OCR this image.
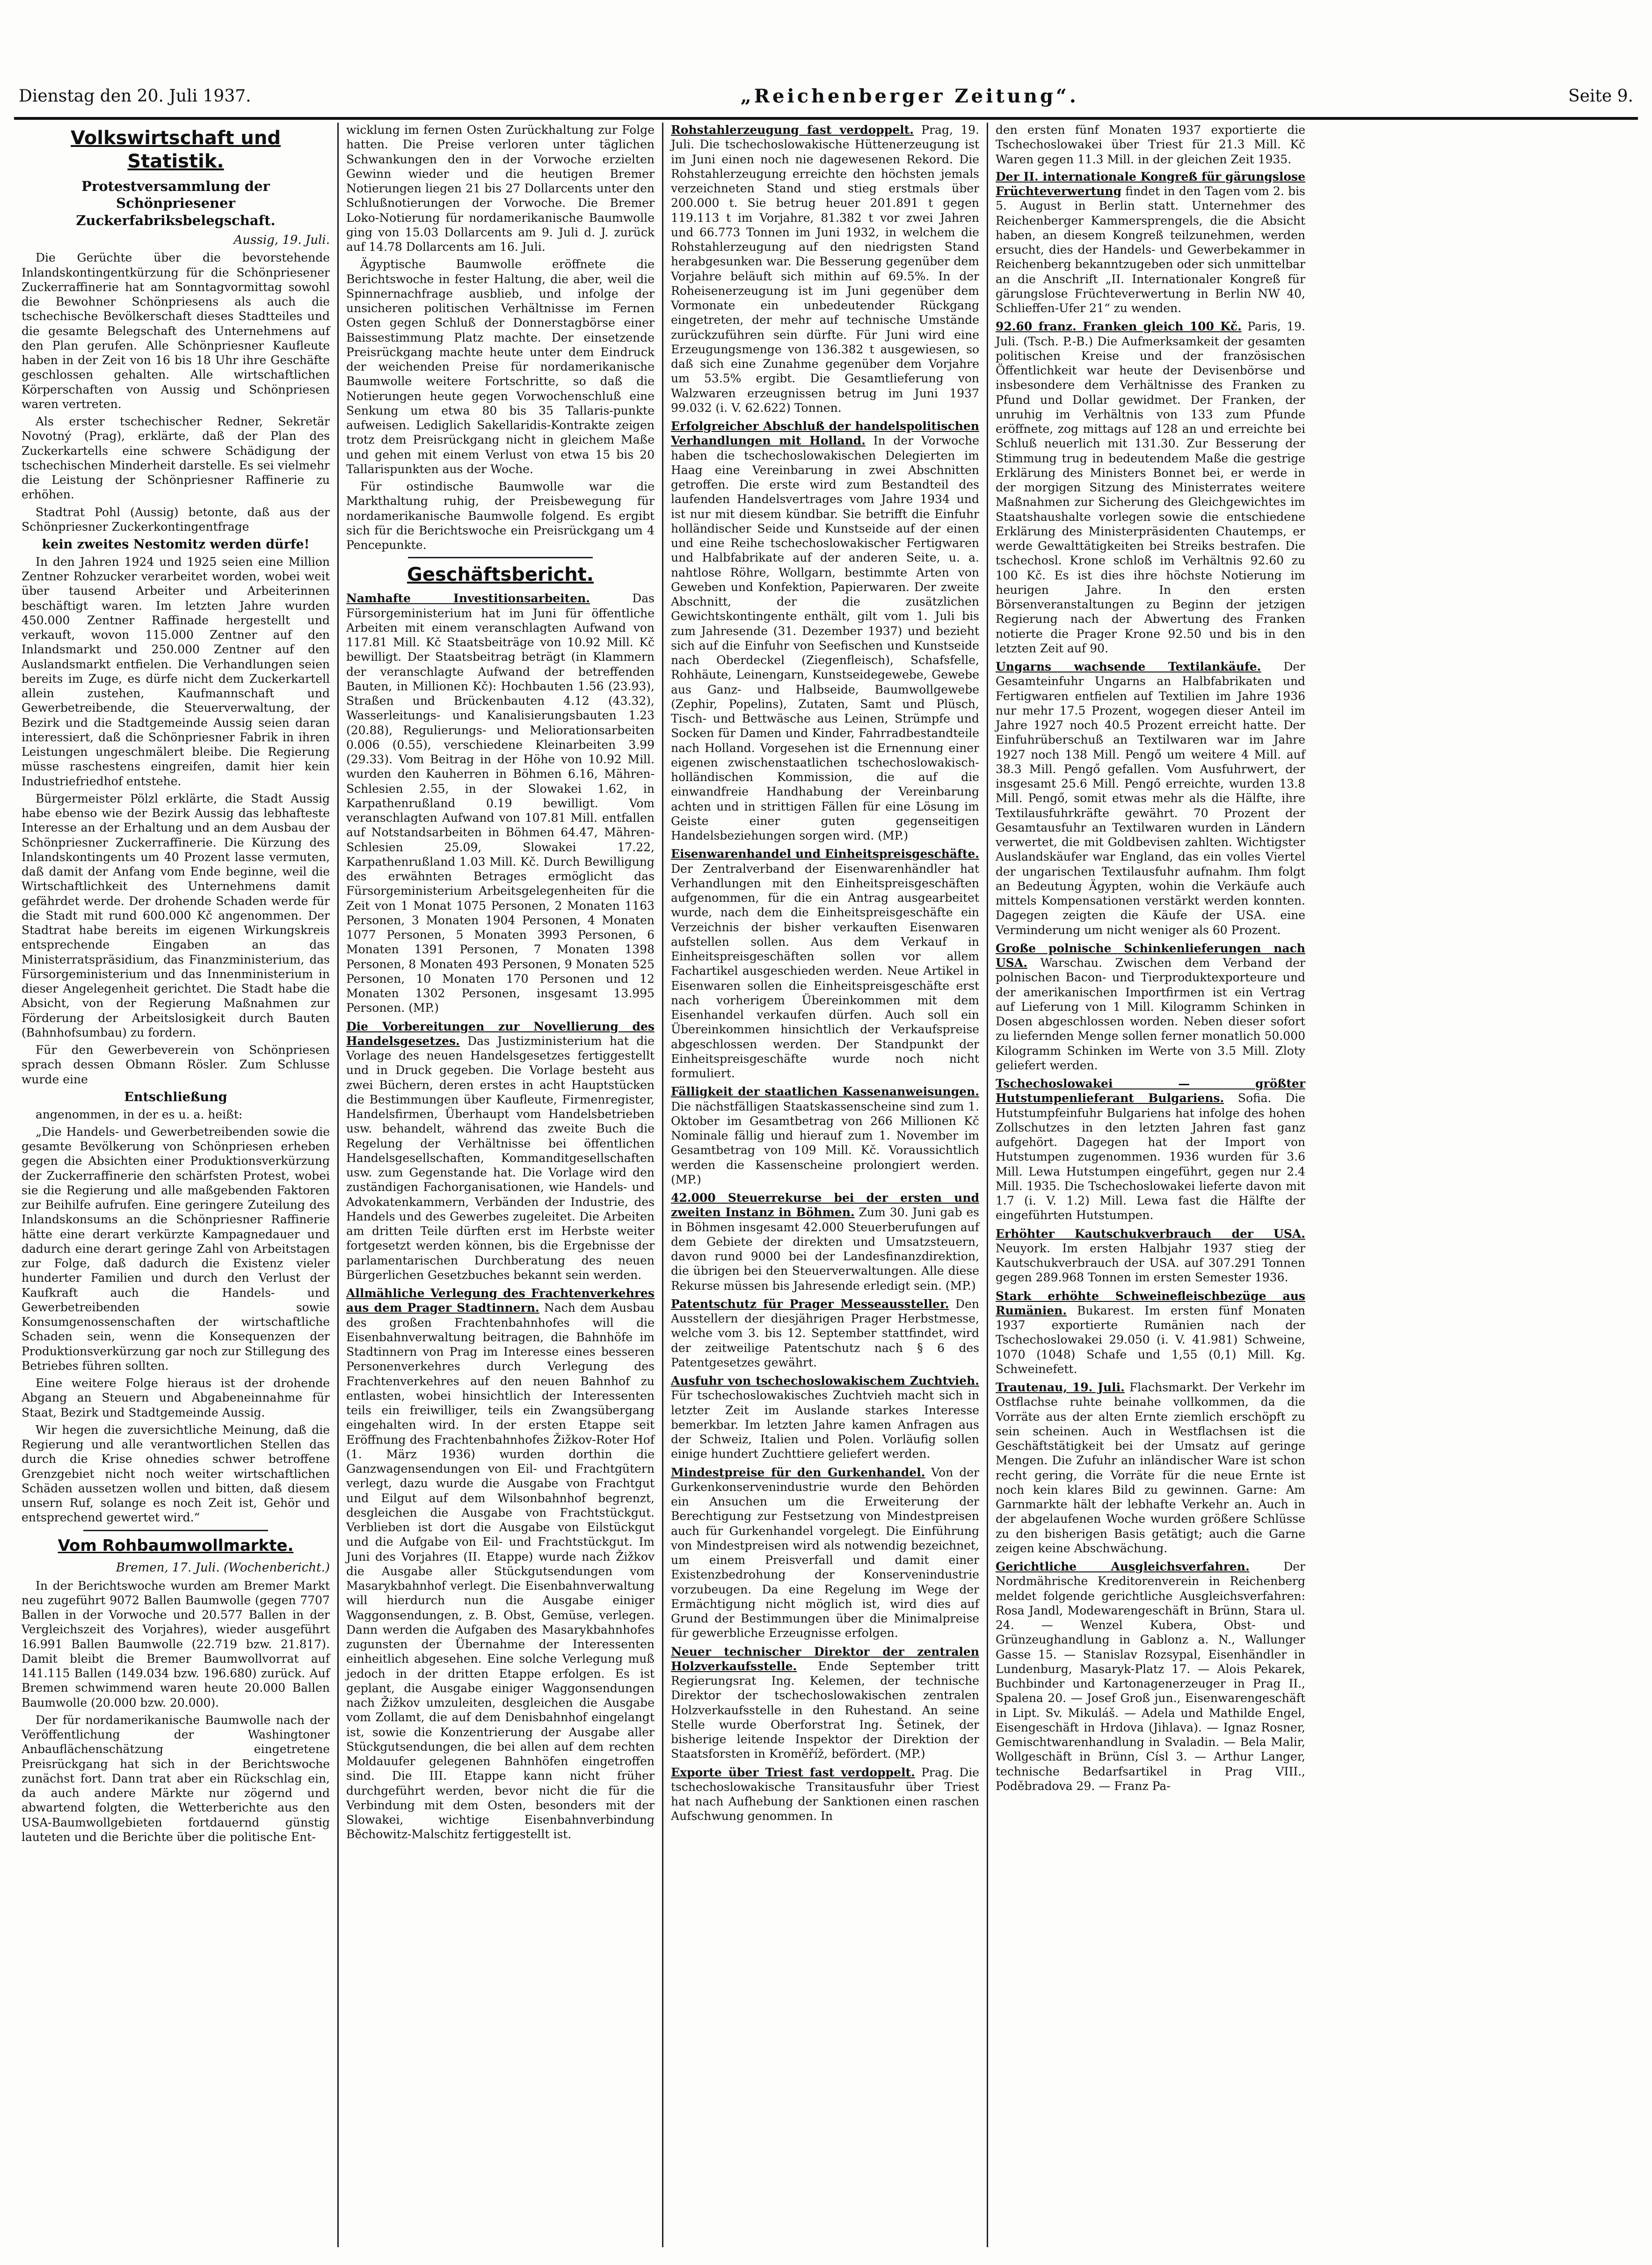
Dienstag den 20. Juli 1937.	„Reichenberger Zeitung“.	Seite 9.
Volkswirtschaft und Statistik.
Protestversammlung der Schönpriesener Zuckerfabriksbelegschaft.
Aussig, 19. Juli.

Die Gerüchte über die bevorstehende Inlandskontingentkürzung für die Schönpriesener Zuckerraffinerie hat am Sonntagvormittag sowohl die Bewohner Schönpriesens als auch die tschechische Bevölkerschaft dieses Stadtteiles und die gesamte Belegschaft des Unternehmens auf den Plan gerufen. Alle Schönpriesner Kaufleute haben in der Zeit von 16 bis 18 Uhr ihre Geschäfte geschlossen gehalten. Alle wirtschaftlichen Körperschaften von Aussig und Schönpriesen waren vertreten.

Als erster tschechischer Redner, Sekretär Novotný (Prag), erklärte, daß der Plan des Zuckerkartells eine schwere Schädigung der tschechischen Minderheit darstelle. Es sei vielmehr die Leistung der Schönpriesner Raffinerie zu erhöhen.

Stadtrat Pohl (Aussig) betonte, daß aus der Schönpriesner Zuckerkontingentfrage

kein zweites Nestomitz werden dürfe!

In den Jahren 1924 und 1925 seien eine Million Zentner Rohzucker verarbeitet worden, wobei weit über tausend Arbeiter und Arbeiterinnen beschäftigt waren. Im letzten Jahre wurden 450.000 Zentner Raffinade hergestellt und verkauft, wovon 115.000 Zentner auf den Inlandsmarkt und 250.000 Zentner auf den Auslandsmarkt entfielen. Die Verhandlungen seien bereits im Zuge, es dürfe nicht dem Zuckerkartell allein zustehen, Kaufmannschaft und Gewerbetreibende, die Steuerverwaltung, der Bezirk und die Stadtgemeinde Aussig seien daran interessiert, daß die Schönpriesner Fabrik in ihren Leistungen ungeschmälert bleibe. Die Regierung müsse raschestens eingreifen, damit hier kein Industriefriedhof entstehe.

Bürgermeister Pölzl erklärte, die Stadt Aussig habe ebenso wie der Bezirk Aussig das lebhafteste Interesse an der Erhaltung und an dem Ausbau der Schönpriesner Zuckerraffinerie. Die Kürzung des Inlandskontingents um 40 Prozent lasse vermuten, daß damit der Anfang vom Ende beginne, weil die Wirtschaftlichkeit des Unternehmens damit gefährdet werde. Der drohende Schaden werde für die Stadt mit rund 600.000 Kč angenommen. Der Stadtrat habe bereits im eigenen Wirkungskreis entsprechende Eingaben an das Ministerratspräsidium, das Finanzministerium, das Fürsorgeministerium und das Innenministerium in dieser Angelegenheit gerichtet. Die Stadt habe die Absicht, von der Regierung Maßnahmen zur Förderung der Arbeitslosigkeit durch Bauten (Bahnhofsumbau) zu fordern.

Für den Gewerbeverein von Schönpriesen sprach dessen Obmann Rösler. Zum Schlusse wurde eine

Entschließung

angenommen, in der es u. a. heißt:

„Die Handels- und Gewerbetreibenden sowie die gesamte Bevölkerung von Schönpriesen erheben gegen die Absichten einer Produktionsverkürzung der Zuckerraffinerie den schärfsten Protest, wobei sie die Regierung und alle maßgebenden Faktoren zur Beihilfe aufrufen. Eine geringere Zuteilung des Inlandskonsums an die Schönpriesner Raffinerie hätte eine derart verkürzte Kampagnedauer und dadurch eine derart geringe Zahl von Arbeitstagen zur Folge, daß dadurch die Existenz vieler hunderter Familien und durch den Verlust der Kaufkraft auch die Handels- und Gewerbetreibenden sowie Konsumgenossenschaften der wirtschaftliche Schaden sein, wenn die Konsequenzen der Produktionsverkürzung gar noch zur Stillegung des Betriebes führen sollten.

Eine weitere Folge hieraus ist der drohende Abgang an Steuern und Abgabeneinnahme für Staat, Bezirk und Stadtgemeinde Aussig.

Wir hegen die zuversichtliche Meinung, daß die Regierung und alle verantwortlichen Stellen das durch die Krise ohnedies schwer betroffene Grenzgebiet nicht noch weiter wirtschaftlichen Schäden aussetzen wollen und bitten, daß diesem unsern Ruf, solange es noch Zeit ist, Gehör und entsprechend gewertet wird.“

Vom Rohbaumwollmarkte.
Bremen, 17. Juli. (Wochenbericht.)

In der Berichtswoche wurden am Bremer Markt neu zugeführt 9072 Ballen Baumwolle (gegen 7707 Ballen in der Vorwoche und 20.577 Ballen in der Vergleichszeit des Vorjahres), wieder ausgeführt 16.991 Ballen Baumwolle (22.719 bzw. 21.817). Damit bleibt die Bremer Baumwollvorrat auf 141.115 Ballen (149.034 bzw. 196.680) zurück. Auf Bremen schwimmend waren heute 20.000 Ballen Baumwolle (20.000 bzw. 20.000).

Der für nordamerikanische Baumwolle nach der Veröffentlichung der Washingtoner Anbauflächenschätzung eingetretene Preisrückgang hat sich in der Berichtswoche zunächst fort. Dann trat aber ein Rückschlag ein, da auch andere Märkte nur zögernd und abwartend folgten, die Wetterberichte aus den USA-Baumwollgebieten fortdauernd günstig lauteten und die Berichte über die politische Ent-

wicklung im fernen Osten Zurückhaltung zur Folge hatten. Die Preise verloren unter täglichen Schwankungen den in der Vorwoche erzielten Gewinn wieder und die heutigen Bremer Notierungen liegen 21 bis 27 Dollarcents unter den Schlußnotierungen der Vorwoche. Die Bremer Loko-Notierung für nordamerikanische Baumwolle ging von 15.03 Dollarcents am 9. Juli d. J. zurück auf 14.78 Dollarcents am 16. Juli.

Ägyptische Baumwolle eröffnete die Berichtswoche in fester Haltung, die aber, weil die Spinnernachfrage ausblieb, und infolge der unsicheren politischen Verhältnisse im Fernen Osten gegen Schluß der Donnerstagbörse einer Baissestimmung Platz machte. Der einsetzende Preisrückgang machte heute unter dem Eindruck der weichenden Preise für nordamerikanische Baumwolle weitere Fortschritte, so daß die Notierungen heute gegen Vorwochenschluß eine Senkung um etwa 80 bis 35 Tallaris-punkte aufweisen. Lediglich Sakellaridis-Kontrakte zeigen trotz dem Preisrückgang nicht in gleichem Maße und gehen mit einem Verlust von etwa 15 bis 20 Tallarispunkten aus der Woche.

Für ostindische Baumwolle war die Markthaltung ruhig, der Preisbewegung für nordamerikanische Baumwolle folgend. Es ergibt sich für die Berichtswoche ein Preisrückgang um 4 Pencepunkte.

Geschäftsbericht.
Namhafte Investitionsarbeiten.	Das Fürsorgeministerium hat im Juni für öffentliche Arbeiten mit einem veranschlagten Aufwand von 117.81 Mill. Kč Staatsbeiträge von 10.92 Mill. Kč bewilligt. Der Staatsbeitrag beträgt (in Klammern der veranschlagte Aufwand der betreffenden Bauten, in Millionen Kč): Hochbauten 1.56 (23.93), Straßen und Brückenbauten 4.12 (43.32), Wasserleitungs- und Kanalisierungsbauten 1.23 (20.88), Regulierungs- und Meliorationsarbeiten 0.006 (0.55), verschiedene Kleinarbeiten 3.99 (29.33). Vom Beitrag in der Höhe von 10.92 Mill. wurden den Kauherren in Böhmen 6.16, Mähren-Schlesien 2.55, in der Slowakei 1.62, in Karpathenrußland 0.19 bewilligt. Vom veranschlagten Aufwand von 107.81 Mill. entfallen auf Notstandsarbeiten in Böhmen 64.47, Mähren-Schlesien 25.09, Slowakei 17.22, Karpathenrußland 1.03 Mill. Kč. Durch Bewilligung des erwähnten Betrages ermöglicht das Fürsorgeministerium Arbeitsgelegenheiten für die Zeit von 1 Monat 1075 Personen, 2 Monaten 1163 Personen, 3 Monaten 1904 Personen, 4 Monaten 1077 Personen, 5 Monaten 3993 Personen, 6 Monaten 1391 Personen, 7 Monaten 1398 Personen, 8 Monaten 493 Personen, 9 Monaten 525 Personen, 10 Monaten 170 Personen und 12 Monaten 1302 Personen, insgesamt 13.995 Personen. (MP.)
Die Vorbereitungen zur Novellierung des Handelsgesetzes. Das Justizministerium hat die Vorlage des neuen Handelsgesetzes fertiggestellt und in Druck gegeben. Die Vorlage besteht aus zwei Büchern, deren erstes in acht Hauptstücken die Bestimmungen über Kaufleute, Firmenregister, Handelsfirmen, Überhaupt vom Handelsbetrieben usw. behandelt, während das zweite Buch die Regelung der Verhältnisse bei öffentlichen Handelsgesellschaften, Kommanditgesellschaften usw. zum Gegenstande hat. Die Vorlage wird den zuständigen Fachorganisationen, wie Handels- und Advokatenkammern, Verbänden der Industrie, des Handels und des Gewerbes zugeleitet. Die Arbeiten am dritten Teile dürften erst im Herbste weiter fortgesetzt werden können, bis die Ergebnisse der parlamentarischen Durchberatung des neuen Bürgerlichen Gesetzbuches bekannt sein werden.
Allmähliche Verlegung des Frachtenverkehres aus dem Prager Stadtinnern. Nach dem Ausbau des großen Frachtenbahnhofes will die Eisenbahnverwaltung beitragen, die Bahnhöfe im Stadtinnern von Prag im Interesse eines besseren Personenverkehres durch Verlegung des Frachtenverkehres auf den neuen Bahnhof zu entlasten, wobei hinsichtlich der Interessenten teils ein freiwilliger, teils ein Zwangsübergang eingehalten wird. In der ersten Etappe seit Eröffnung des Frachtenbahnhofes Žižkov-Roter Hof (1. März 1936) wurden dorthin die Ganzwagensendungen von Eil- und Frachtgütern verlegt, dazu wurde die Ausgabe von Frachtgut und Eilgut auf dem Wilsonbahnhof begrenzt, desgleichen die Ausgabe von Frachtstückgut. Verblieben ist dort die Ausgabe von Eilstückgut und die Aufgabe von Eil- und Frachtstückgut. Im Juni des Vorjahres (II. Etappe) wurde nach Žižkov die Ausgabe aller Stückgutsendungen vom Masarykbahnhof verlegt. Die Eisenbahnverwaltung will hierdurch nun die Ausgabe einiger Waggonsendungen, z. B. Obst, Gemüse, verlegen. Dann werden die Aufgaben des Masarykbahnhofes zugunsten der Übernahme der Interessenten einheitlich abgesehen. Eine solche Verlegung muß jedoch in der dritten Etappe erfolgen. Es ist geplant, die Ausgabe einiger Waggonsendungen nach Žižkov umzuleiten, desgleichen die Ausgabe vom Zollamt, die auf dem Denisbahnhof eingelangt ist, sowie die Konzentrierung der Ausgabe aller Stückgutsendungen, die bei allen auf dem rechten Moldauufer gelegenen Bahnhöfen eingetroffen sind. Die III. Etappe kann nicht früher durchgeführt werden, bevor nicht die für die Verbindung mit dem Osten, besonders mit der Slowakei, wichtige Eisenbahnverbindung Běchowitz-Malschitz fertiggestellt ist.
Rohstahlerzeugung fast verdoppelt. Prag, 19. Juli. Die tschechoslowakische Hüttenerzeugung ist im Juni einen noch nie dagewesenen Rekord. Die Rohstahlerzeugung erreichte den höchsten jemals verzeichneten Stand und stieg erstmals über 200.000 t. Sie betrug heuer 201.891 t gegen 119.113 t im Vorjahre, 81.382 t vor zwei Jahren und 66.773 Tonnen im Juni 1932, in welchem die Rohstahlerzeugung auf den niedrigsten Stand herabgesunken war. Die Besserung gegenüber dem Vorjahre beläuft sich mithin auf 69.5%. In der Roheisenerzeugung ist im Juni gegenüber dem Vormonate ein unbedeutender Rückgang eingetreten, der mehr auf technische Umstände zurückzuführen sein dürfte. Für Juni wird eine Erzeugungsmenge von 136.382 t ausgewiesen, so daß sich eine Zunahme gegenüber dem Vorjahre um 53.5% ergibt. Die Gesamtlieferung von Walzwaren erzeugnissen betrug im Juni 1937 99.032 (i. V. 62.622) Tonnen.
Erfolgreicher Abschluß der handelspolitischen Verhandlungen mit Holland. In der Vorwoche haben die tschechoslowakischen Delegierten im Haag eine Vereinbarung in zwei Abschnitten getroffen. Die erste wird zum Bestandteil des laufenden Handelsvertrages vom Jahre 1934 und ist nur mit diesem kündbar. Sie betrifft die Einfuhr holländischer Seide und Kunstseide auf der einen und eine Reihe tschechoslowakischer Fertigwaren und Halbfabrikate auf der anderen Seite, u. a. nahtlose Röhre, Wollgarn, bestimmte Arten von Geweben und Konfektion, Papierwaren. Der zweite Abschnitt, der die zusätzlichen Gewichtskontingente enthält, gilt vom 1. Juli bis zum Jahresende (31. Dezember 1937) und bezieht sich auf die Einfuhr von Seefischen und Kunstseide nach Oberdeckel (Ziegenfleisch), Schafsfelle, Rohhäute, Leinengarn, Kunstseidegewebe, Gewebe aus Ganz- und Halbseide, Baumwollgewebe (Zephir, Popelins), Zutaten, Samt und Plüsch, Tisch- und Bettwäsche aus Leinen, Strümpfe und Socken für Damen und Kinder, Fahrradbestandteile nach Holland. Vorgesehen ist die Ernennung einer eigenen zwischenstaatlichen tschechoslowakisch-holländischen Kommission, die auf die einwandfreie Handhabung der Vereinbarung achten und in strittigen Fällen für eine Lösung im Geiste einer guten gegenseitigen Handelsbeziehungen sorgen wird. (MP.)
Eisenwarenhandel und Einheitspreisgeschäfte. Der Zentralverband der Eisenwarenhändler hat Verhandlungen mit den Einheitspreisgeschäften aufgenommen, für die ein Antrag ausgearbeitet wurde, nach dem die Einheitspreisgeschäfte ein Verzeichnis der bisher verkauften Eisenwaren aufstellen sollen. Aus dem Verkauf in Einheitspreisgeschäften sollen vor allem Fachartikel ausgeschieden werden. Neue Artikel in Eisenwaren sollen die Einheitspreisgeschäfte erst nach vorherigem Übereinkommen mit dem Eisenhandel verkaufen dürfen. Auch soll ein Übereinkommen hinsichtlich der Verkaufspreise abgeschlossen werden. Der Standpunkt der Einheitspreisgeschäfte wurde noch nicht formuliert.
Fälligkeit der staatlichen Kassenanweisungen. Die nächstfälligen Staatskassenscheine sind zum 1. Oktober im Gesamtbetrag von 266 Millionen Kč Nominale fällig und hierauf zum 1. November im Gesamtbetrag von 109 Mill. Kč. Voraussichtlich werden die Kassenscheine prolongiert werden. (MP.)
42.000 Steuerrekurse bei der ersten und zweiten Instanz in Böhmen. Zum 30. Juni gab es in Böhmen insgesamt 42.000 Steuerberufungen auf dem Gebiete der direkten und Umsatzsteuern, davon rund 9000 bei der Landesfinanzdirektion, die übrigen bei den Steuerverwaltungen. Alle diese Rekurse müssen bis Jahresende erledigt sein. (MP.)
Patentschutz für Prager Messeaussteller. Den Ausstellern der diesjährigen Prager Herbstmesse, welche vom 3. bis 12. September stattfindet, wird der zeitweilige Patentschutz nach § 6 des Patentgesetzes gewährt.
Ausfuhr von tschechoslowakischem Zuchtvieh. Für tschechoslowakisches Zuchtvieh macht sich in letzter Zeit im Auslande starkes Interesse bemerkbar. Im letzten Jahre kamen Anfragen aus der Schweiz, Italien und Polen. Vorläufig sollen einige hundert Zuchttiere geliefert werden.
Mindestpreise für den Gurkenhandel. Von der Gurkenkonservenindustrie wurde den Behörden ein Ansuchen um die Erweiterung der Berechtigung zur Festsetzung von Mindestpreisen auch für Gurkenhandel vorgelegt. Die Einführung von Mindestpreisen wird als notwendig bezeichnet, um einem Preisverfall und damit einer Existenzbedrohung der Konservenindustrie vorzubeugen. Da eine Regelung im Wege der Ermächtigung nicht möglich ist, wird dies auf Grund der Bestimmungen über die Minimalpreise für gewerbliche Erzeugnisse erfolgen.
Neuer technischer Direktor der zentralen Holzverkaufsstelle. Ende September tritt Regierungsrat Ing. Kelemen, der technische Direktor der tschechoslowakischen zentralen Holzverkaufsstelle in den Ruhestand. An seine Stelle wurde Oberforstrat Ing. Šetinek, der bisherige leitende Inspektor der Direktion der Staatsforsten in Kroměříž, befördert. (MP.)
Exporte über Triest fast verdoppelt. Prag. Die tschechoslowakische Transitausfuhr über Triest hat nach Aufhebung der Sanktionen einen raschen Aufschwung genommen. In

den ersten fünf Monaten 1937 exportierte die Tschechoslowakei über Triest für 21.3 Mill. Kč Waren gegen 11.3 Mill. in der gleichen Zeit 1935.

Der II. internationale Kongreß für gärungslose Früchteverwertung findet in den Tagen vom 2. bis 5. August in Berlin statt. Unternehmer des Reichenberger Kammersprengels, die die Absicht haben, an diesem Kongreß teilzunehmen, werden ersucht, dies der Handels- und Gewerbekammer in Reichenberg bekanntzugeben oder sich unmittelbar an die Anschrift „II. Internationaler Kongreß für gärungslose Früchteverwertung in Berlin NW 40, Schlieffen-Ufer 21“ zu wenden.
92.60 franz. Franken gleich 100 Kč. Paris, 19. Juli. (Tsch. P.-B.) Die Aufmerksamkeit der gesamten politischen Kreise und der französischen Öffentlichkeit war heute der Devisenbörse und insbesondere dem Verhältnisse des Franken zu Pfund und Dollar gewidmet. Der Franken, der unruhig im Verhältnis von 133 zum Pfunde eröffnete, zog mittags auf 128 an und erreichte bei Schluß neuerlich mit 131.30. Zur Besserung der Stimmung trug in bedeutendem Maße die gestrige Erklärung des Ministers Bonnet bei, er werde in der morgigen Sitzung des Ministerrates weitere Maßnahmen zur Sicherung des Gleichgewichtes im Staatshaushalte vorlegen sowie die entschiedene Erklärung des Ministerpräsidenten Chautemps, er werde Gewalttätigkeiten bei Streiks bestrafen. Die tschechosl. Krone schloß im Verhältnis 92.60 zu 100 Kč. Es ist dies ihre höchste Notierung im heurigen Jahre. In den ersten Börsenveranstaltungen zu Beginn der jetzigen Regierung nach der Abwertung des Franken notierte die Prager Krone 92.50 und bis in den letzten Zeit auf 90.
Ungarns wachsende Textilankäufe. Der Gesamteinfuhr Ungarns an Halbfabrikaten und Fertigwaren entfielen auf Textilien im Jahre 1936 nur mehr 17.5 Prozent, wogegen dieser Anteil im Jahre 1927 noch 40.5 Prozent erreicht hatte. Der Einfuhrüberschuß an Textilwaren war im Jahre 1927 noch 138 Mill. Pengő um weitere 4 Mill. auf 38.3 Mill. Pengő gefallen. Vom Ausfuhrwert, der insgesamt 25.6 Mill. Pengő erreichte, wurden 13.8 Mill. Pengő, somit etwas mehr als die Hälfte, ihre Textilausfuhrkräfte gewährt. 70 Prozent der Gesamtausfuhr an Textilwaren wurden in Ländern verwertet, die mit Goldbevisen zahlten. Wichtigster Auslandskäufer war England, das ein volles Viertel der ungarischen Textilausfuhr aufnahm. Ihm folgt an Bedeutung Ägypten, wohin die Verkäufe auch mittels Kompensationen verstärkt werden konnten. Dagegen zeigten die Käufe der USA. eine Verminderung um nicht weniger als 60 Prozent.
Große polnische Schinkenlieferungen nach USA. Warschau. Zwischen dem Verband der polnischen Bacon- und Tierproduktexporteure und der amerikanischen Importfirmen ist ein Vertrag auf Lieferung von 1 Mill. Kilogramm Schinken in Dosen abgeschlossen worden. Neben dieser sofort zu liefernden Menge sollen ferner monatlich 50.000 Kilogramm Schinken im Werte von 3.5 Mill. Zloty geliefert werden.
Tschechoslowakei — größter Hutstumpenlieferant Bulgariens. Sofia. Die Hutstumpfeinfuhr Bulgariens hat infolge des hohen Zollschutzes in den letzten Jahren fast ganz aufgehört. Dagegen hat der Import von Hutstumpen zugenommen. 1936 wurden für 3.6 Mill. Lewa Hutstumpen eingeführt, gegen nur 2.4 Mill. 1935. Die Tschechoslowakei lieferte davon mit 1.7 (i. V. 1.2) Mill. Lewa fast die Hälfte der eingeführten Hutstumpen.
Erhöhter Kautschukverbrauch der USA. Neuyork. Im ersten Halbjahr 1937 stieg der Kautschukverbrauch der USA. auf 307.291 Tonnen gegen 289.968 Tonnen im ersten Semester 1936.
Stark erhöhte Schweinefleischbezüge aus Rumänien. Bukarest. Im ersten fünf Monaten 1937 exportierte Rumänien nach der Tschechoslowakei 29.050 (i. V. 41.981) Schweine, 1070 (1048) Schafe und 1,55 (0,1) Mill. Kg. Schweinefett.
Trautenau, 19. Juli. Flachsmarkt. Der Verkehr im Ostflachse ruhte beinahe vollkommen, da die Vorräte aus der alten Ernte ziemlich erschöpft zu sein scheinen. Auch in Westflachsen ist die Geschäftstätigkeit bei der Umsatz auf geringe Mengen. Die Zufuhr an inländischer Ware ist schon recht gering, die Vorräte für die neue Ernte ist noch kein klares Bild zu gewinnen. Garne: Am Garnmarkte hält der lebhafte Verkehr an. Auch in der abgelaufenen Woche wurden größere Schlüsse zu den bisherigen Basis getätigt; auch die Garne zeigen keine Abschwächung.
Gerichtliche Ausgleichsverfahren.	Der Nordmährische Kreditorenverein in Reichenberg meldet folgende gerichtliche Ausgleichsverfahren: Rosa Jandl, Modewarengeschäft in Brünn, Stara ul. 24. — Wenzel Kubera, Obst- und Grünzeughandlung in Gablonz a. N., Wallunger Gasse 15. — Stanislav Rozsypal, Eisenhändler in Lundenburg, Masaryk-Platz 17. — Alois Pekarek, Buchbinder und Kartonagenerzeuger in Prag II., Spalena 20. — Josef Groß jun., Eisenwarengeschäft in Lipt. Sv. Mikuláš. — Adela und Mathilde Engel, Eisengeschäft in Hrdova (Jihlava). — Ignaz Rosner, Gemischtwarenhandlung in Svaladin. — Bela Malir, Wollgeschäft in Brünn, Císl 3. — Arthur Langer, technische Bedarfsartikel in Prag VIII., Poděbradova 29. — Franz Pa-
